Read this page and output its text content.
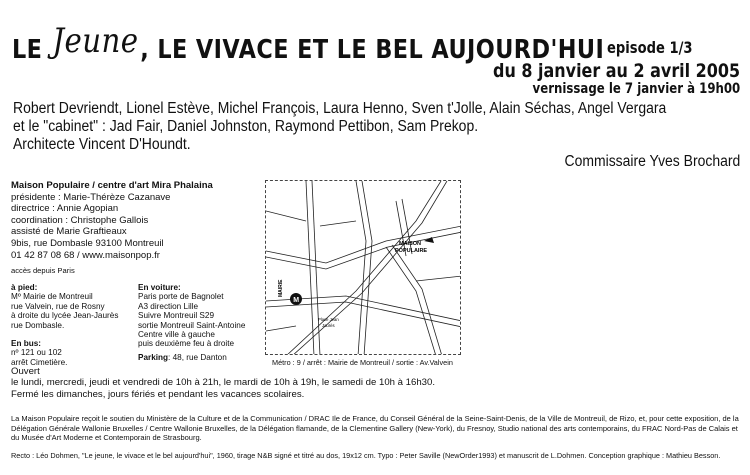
LE Jeune, LE VIVACE ET LE BEL AUJOURD'HUI episode 1/3
du 8 janvier au 2 avril 2005
vernissage le 7 janvier à 19h00
Robert Devriendt, Lionel Estève, Michel François, Laura Henno, Sven t'Jolle, Alain Séchas, Angel Vergara
et le "cabinet" : Jad Fair, Daniel Johnston, Raymond Pettibon, Sam Prekop.
Architecte Vincent D'Houndt.
Commissaire Yves Brochard
Maison Populaire / centre d'art Mira Phalaina
présidente : Marie-Thérèze Cazanave
directrice : Annie Agopian
coordination : Christophe Gallois
assisté de Marie Graftieaux
9bis, rue Dombasle 93100 Montreuil
01 42 87 08 68 / www.maisonpop.fr
accès depuis Paris
à pied:
Mº Mairie de Montreuil
rue Valvein, rue de Rosny
à droite du lycée Jean-Jaurès
rue Dombasle.
En bus:
nº 121 ou 102
arrêt Cimetière.
En voiture:
Paris porte de Bagnolet
A3 direction Lille
Suivre Montreuil S29
sortie Montreuil Saint-Antoine
Centre ville à gauche
puis deuxième feu à droite
Parking: 48, rue Danton
MAISON
POPULAIRE
M
MAIRIE
Place Jean
Jaurès
Métro : 9 / arrêt : Mairie de Montreuil / sortie : Av.Valvein
Ouvert
le lundi, mercredi, jeudi et vendredi de 10h à 21h, le mardi de 10h à 19h, le samedi de 10h à 16h30.
Fermé les dimanches, jours fériés et pendant les vacances scolaires.
La Maison Populaire reçoit le soutien du Ministère de la Culture et de la Communication / DRAC Ile de France, du Conseil Général de la Seine-Saint-Denis, de la Ville de Montreuil, de Rizo, et, pour cette exposition, de la Délégation Générale Wallonie Bruxelles / Centre Wallonie Bruxelles, de la Délégation flamande, de la Clementine Gallery (New-York), du Fresnoy, Studio national des arts contemporains, du FRAC Nord-Pas de Calais et du Musée d'Art Moderne et Contemporain de Strasbourg.
Recto : Léo Dohmen, "Le jeune, le vivace et le bel aujourd'hui", 1960, tirage N&B signé et titré au dos, 19x12 cm. Typo : Peter Saville (NewOrder1993) et manuscrit de L.Dohmen. Conception graphique : Mathieu Besson.
